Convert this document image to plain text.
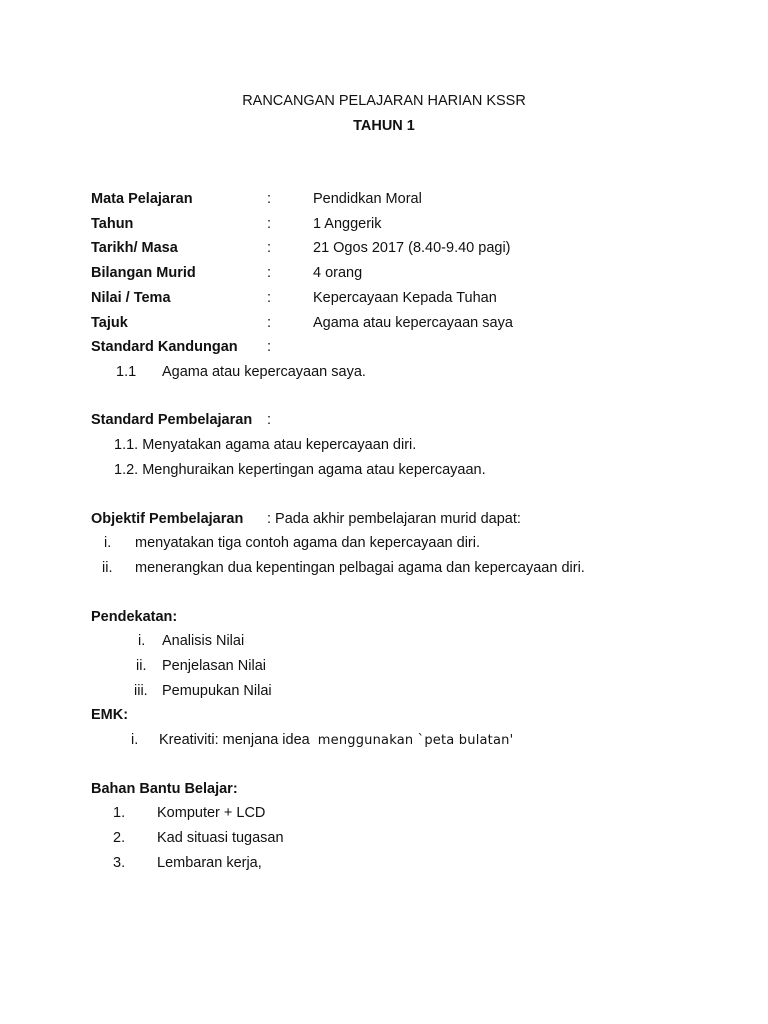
RANCANGAN PELAJARAN HARIAN KSSR
TAHUN 1
Mata Pelajaran	:	Pendidkan Moral
Tahun	:	1 Anggerik
Tarikh/ Masa	:	21 Ogos 2017 (8.40-9.40 pagi)
Bilangan Murid	:	4 orang
Nilai / Tema	:	Kepercayaan Kepada Tuhan
Tajuk	:	Agama atau kepercayaan saya
Standard Kandungan :
1.1 Agama atau kepercayaan saya.
Standard Pembelajaran :
1.1. Menyatakan agama atau kepercayaan diri.
1.2. Menghuraikan kepertingan agama atau kepercayaan.
Objektif Pembelajaran : Pada akhir pembelajaran murid dapat:
i. menyatakan tiga contoh agama dan kepercayaan diri.
ii. menerangkan dua kepentingan pelbagai agama dan kepercayaan diri.
Pendekatan:
i. Analisis Nilai
ii. Penjelasan Nilai
iii. Pemupukan Nilai
EMK:
i. Kreativiti: menjana idea menggunakan `peta bulatan'
Bahan Bantu Belajar:
1. Komputer + LCD
2. Kad situasi tugasan
3. Lembaran kerja,
